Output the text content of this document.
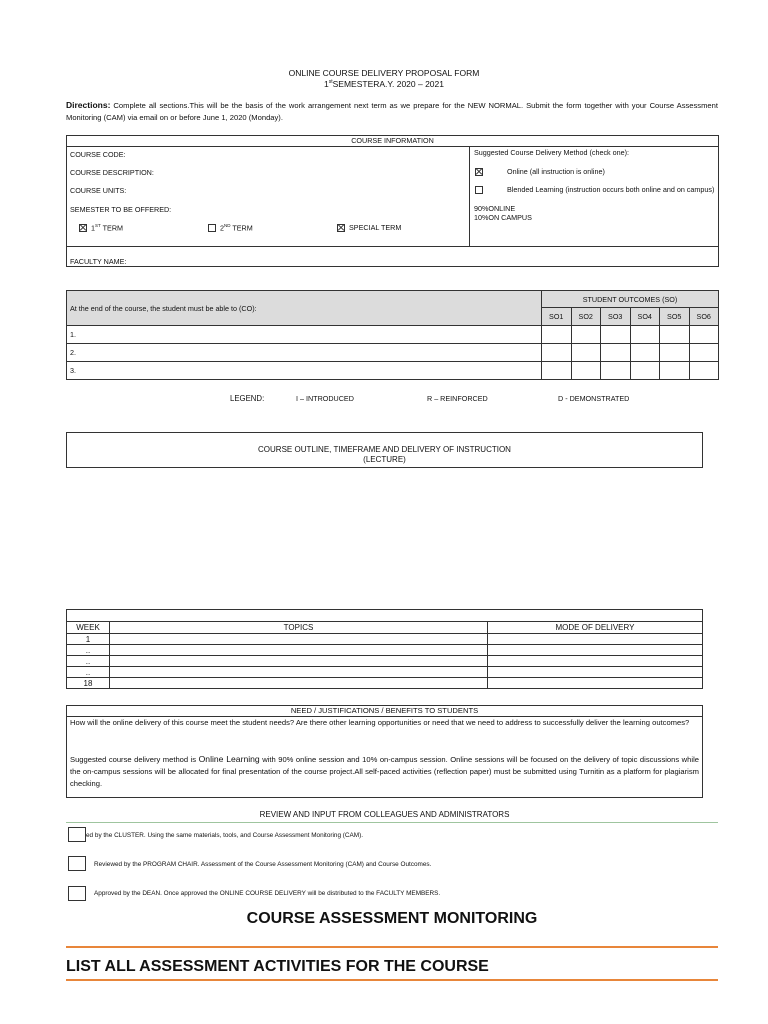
ONLINE COURSE DELIVERY PROPOSAL FORM
1stSEMESTERA.Y. 2020 – 2021
Directions: Complete all sections.This will be the basis of the work arrangement next term as we prepare for the NEW NORMAL. Submit the form together with your Course Assessment Monitoring (CAM) via email on or before June 1, 2020 (Monday).
COURSE INFORMATION
COURSE CODE:
COURSE DESCRIPTION:
COURSE UNITS:
SEMESTER TO BE OFFERED:
1ST TERM	2ND TERM	SPECIAL TERM
FACULTY NAME:
Suggested Course Delivery Method (check one):
Online (all instruction is online)
Blended Learning (instruction occurs both online and on campus)
90%ONLINE
10%ON CAMPUS
At the end of the course, the student must be able to (CO):	STUDENT OUTCOMES (SO)					
	SO1	SO2	SO3	SO4	SO5	SO6
1.						
2.						
3.						
LEGEND:	I – INTRODUCED	R – REINFORCED	D - DEMONSTRATED
COURSE OUTLINE, TIMEFRAME AND DELIVERY OF INSTRUCTION
(LECTURE)
WEEK	TOPICS	MODE OF DELIVERY
1		
..		
..		
..		
18		
NEED / JUSTIFICATIONS / BENEFITS TO STUDENTS
How will the online delivery of this course meet the student needs? Are there other learning opportunities or need that we need to address to successfully deliver the learning outcomes?
Suggested course delivery method is Online Learning with 90% online session and 10% on-campus session. Online sessions will be focused on the delivery of topic discussions while the on-campus sessions will be allocated for final presentation of the course project.All self-paced activities (reflection paper) must be submitted using Turnitin as a platform for plagiarism checking.
REVIEW AND INPUT FROM COLLEAGUES AND ADMINISTRATORS
ed by the CLUSTER. Using the same materials, tools, and Course Assessment Monitoring (CAM).
Reviewed by the PROGRAM CHAIR. Assessment of the Course Assessment Monitoring (CAM) and Course Outcomes.
Approved by the DEAN. Once approved the ONLINE COURSE DELIVERY will be distributed to the FACULTY MEMBERS.
COURSE ASSESSMENT MONITORING
LIST ALL ASSESSMENT ACTIVITIES FOR THE COURSE
